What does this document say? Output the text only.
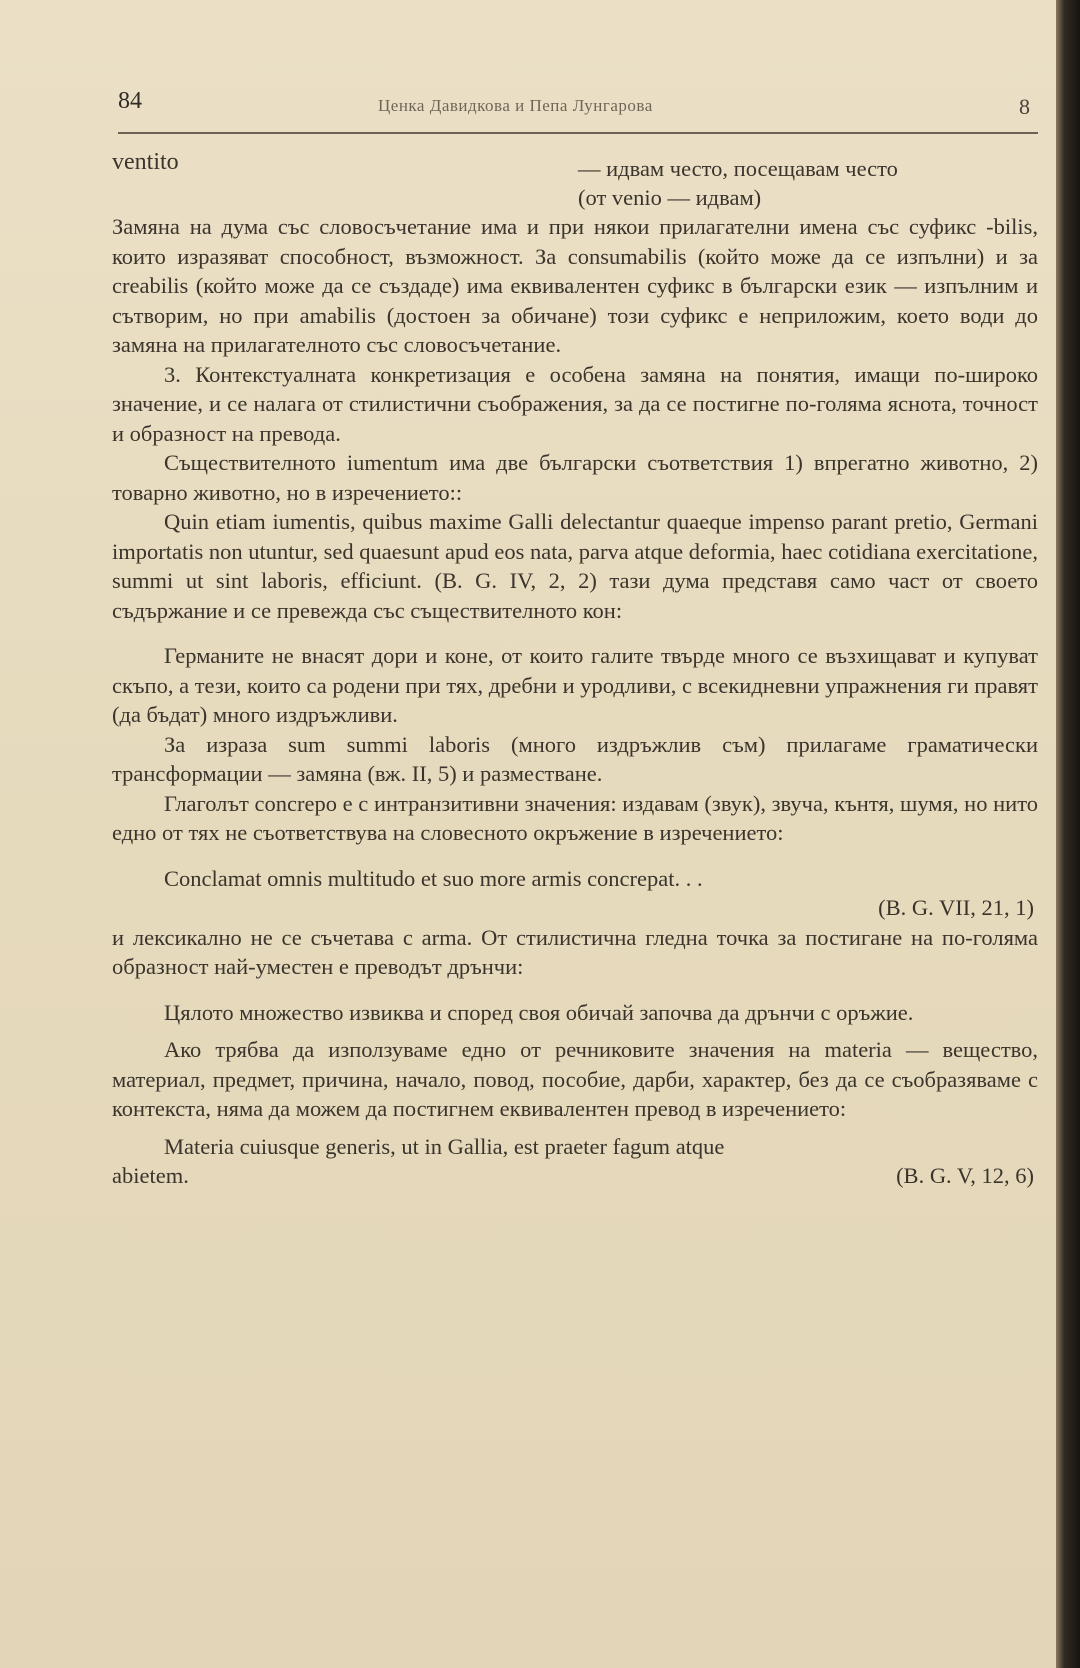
84	Ценка Давидкова и Пепа Лунгарова	8
ventito	— идвам често, посещавам често
(от venio — идвам)

Замяна на дума със словосъчетание има и при някои прилагателни имена със суфикс -bilis, които изразяват способност, възможност. За consumabilis (който може да се изпълни) и за creabilis (който може да се създаде) има еквивалентен суфикс в български език — изпълним и сътворим, но при amabilis (достоен за обичане) този суфикс е неприложим, което води до замяна на прилагателното със словосъчетание.

3. Контекстуалната конкретизация е особена замяна на понятия, имащи по-широко значение, и се налага от стилистични съображения, за да се постигне по-голяма яснота, точност и образност на превода.

Съществителното iumentum има две български съответствия 1) впрегатно животно, 2) товарно животно, но в изречението::

Quin etiam iumentis, quibus maxime Galli delectantur quaeque impenso parant pretio, Germani importatis non utuntur, sed quaesunt apud eos nata, parva atque deformia, haec cotidiana exercitatione, summi ut sint laboris, efficiunt. (B. G. IV, 2, 2) тази дума представя само част от своето съдържание и се превежда със съществителното кон:

Германите не внасят дори и коне, от които галите твърде много се възхищават и купуват скъпо, а тези, които са родени при тях, дребни и уродливи, с всекидневни упражнения ги правят (да бъдат) много издръжливи.

За израза sum summi laboris (много издръжлив съм) прилагаме граматически трансформации — замяна (вж. II, 5) и разместване.

Глаголът concrepo е с интранзитивни значения: издавам (звук), звуча, кънтя, шумя, но нито едно от тях не съответствува на словесното окръжение в изречението:

Conclamat omnis multitudo et suo more armis concrepat. . .
(B. G. VII, 21, 1)

и лексикално не се съчетава с arma. От стилистична гледна точка за постигане на по-голяма образност най-уместен е преводът дрънчи:

Цялото множество извиква и според своя обичай започва да дрънчи с оръжие.

Ако трябва да използуваме едно от речниковите значения на materia — вещество, материал, предмет, причина, начало, повод, пособие, дарби, характер, без да се съобразяваме с контекста, няма да можем да постигнем еквивалентен превод в изречението:

Materia cuiusque generis, ut in Gallia, est praeter fagum atque

abietem.	(B. G. V, 12, 6)
